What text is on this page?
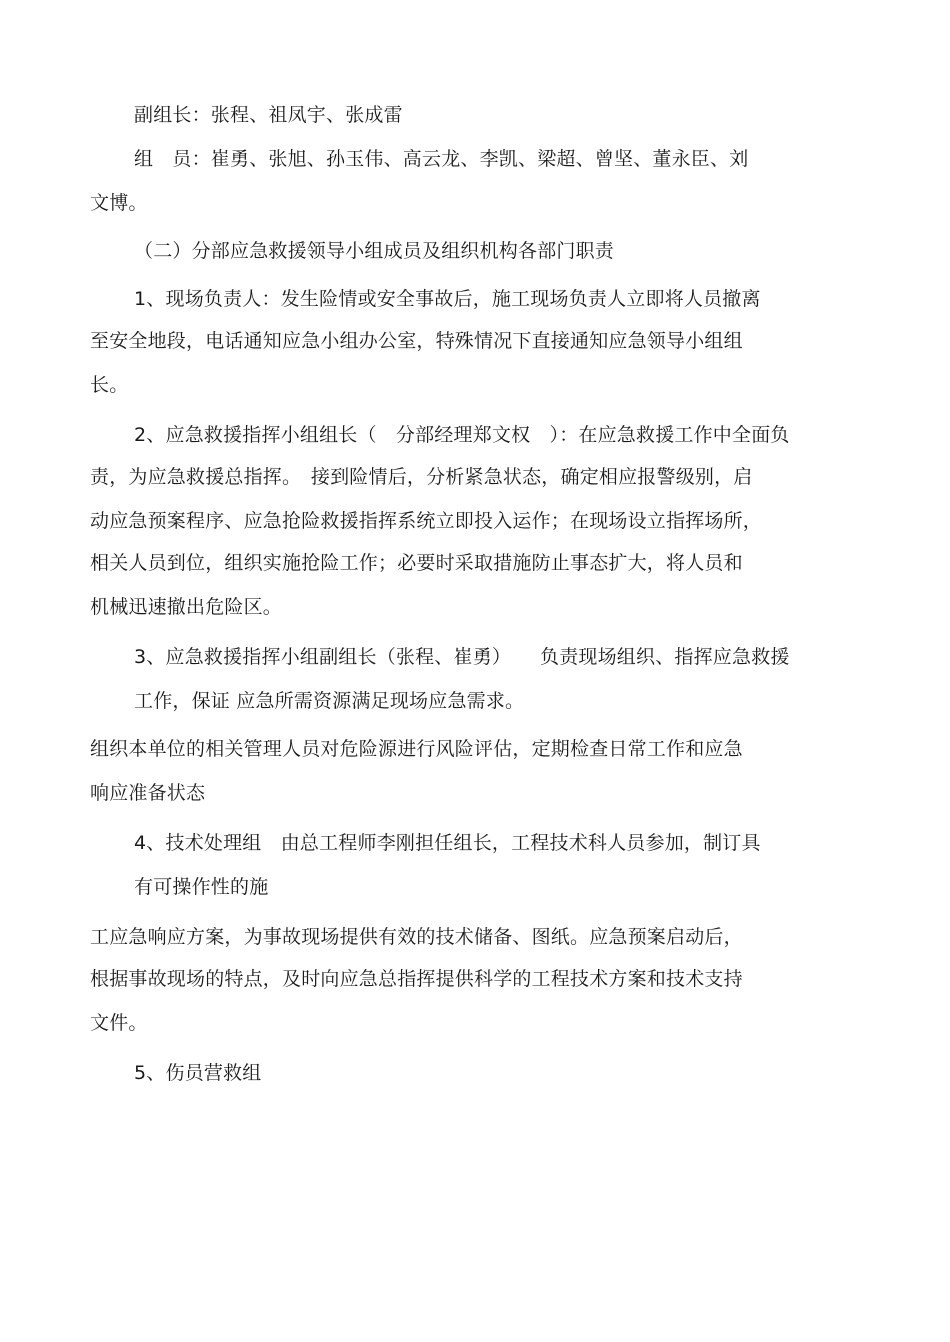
副组长：张程、祖凤宇、张成雷
组　员：崔勇、张旭、孙玉伟、高云龙、李凯、梁超、曾坚、董永臣、刘
文博。
（二）分部应急救援领导小组成员及组织机构各部门职责
1、现场负责人：发生险情或安全事故后，施工现场负责人立即将人员撤离
至安全地段，电话通知应急小组办公室，特殊情况下直接通知应急领导小组组
长。
2、应急救援指挥小组组长（　分部经理郑文权　）：在应急救援工作中全面负
责，为应急救援总指挥。　接到险情后，分析紧急状态，确定相应报警级别，启
动应急预案程序、应急抢险救援指挥系统立即投入运作；在现场设立指挥场所，
相关人员到位，组织实施抢险工作；必要时采取措施防止事态扩大，将人员和
机械迅速撤出危险区。
3、应急救援指挥小组副组长（张程、崔勇）　　负责现场组织、指挥应急救援
工作，保证 应急所需资源满足现场应急需求。
组织本单位的相关管理人员对危险源进行风险评估，定期检查日常工作和应急
响应准备状态
4、技术处理组　由总工程师李刚担任组长，工程技术科人员参加，制订具
有可操作性的施
工应急响应方案，为事故现场提供有效的技术储备、图纸。应急预案启动后，
根据事故现场的特点，及时向应急总指挥提供科学的工程技术方案和技术支持
文件。
5、伤员营救组
